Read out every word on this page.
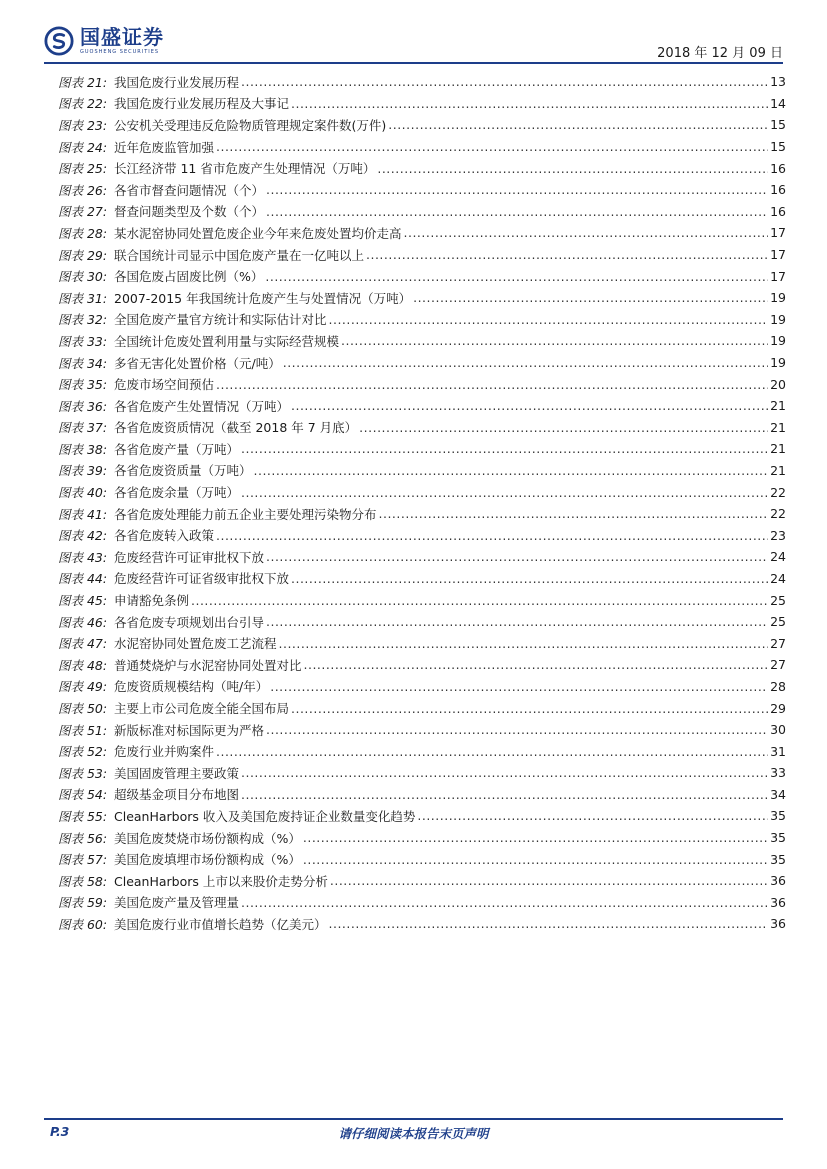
国盛证券
GUOSHENG SECURITIES	2018 年 12 月 09 日
图表 21: 我国危废行业发展历程 .....	13
图表 22: 我国危废行业发展历程及大事记 .....	14
图表 23: 公安机关受理违反危险物质管理规定案件数(万件) .....	15
图表 24: 近年危废监管加强 .....	15
图表 25: 长江经济带 11 省市危废产生处理情况（万吨） .....	16
图表 26: 各省市督查问题情况（个） .....	16
图表 27: 督查问题类型及个数（个） .....	16
图表 28: 某水泥窑协同处置危废企业今年来危废处置均价走高 .....	17
图表 29: 联合国统计司显示中国危废产量在一亿吨以上 .....	17
图表 30: 各国危废占固废比例（%） .....	17
图表 31: 2007-2015 年我国统计危废产生与处置情况（万吨） .....	19
图表 32: 全国危废产量官方统计和实际估计对比 .....	19
图表 33: 全国统计危废处置利用量与实际经营规模 .....	19
图表 34: 多省无害化处置价格（元/吨） .....	19
图表 35: 危废市场空间预估 .....	20
图表 36: 各省危废产生处置情况（万吨） .....	21
图表 37: 各省危废资质情况（截至 2018 年 7 月底） .....	21
图表 38: 各省危废产量（万吨） .....	21
图表 39: 各省危废资质量（万吨） .....	21
图表 40: 各省危废余量（万吨） .....	22
图表 41: 各省危废处理能力前五企业主要处理污染物分布 .....	22
图表 42: 各省危废转入政策 .....	23
图表 43: 危废经营许可证审批权下放 .....	24
图表 44: 危废经营许可证省级审批权下放 .....	24
图表 45: 申请豁免条例 .....	25
图表 46: 各省危废专项规划出台引导 .....	25
图表 47: 水泥窑协同处置危废工艺流程 .....	27
图表 48: 普通焚烧炉与水泥窑协同处置对比 .....	27
图表 49: 危废资质规模结构（吨/年） .....	28
图表 50: 主要上市公司危废全能全国布局 .....	29
图表 51: 新版标准对标国际更为严格 .....	30
图表 52: 危废行业并购案件 .....	31
图表 53: 美国固废管理主要政策 .....	33
图表 54: 超级基金项目分布地图 .....	34
图表 55: CleanHarbors 收入及美国危废持证企业数量变化趋势 .....	35
图表 56: 美国危废焚烧市场份额构成（%） .....	35
图表 57: 美国危废填埋市场份额构成（%） .....	35
图表 58: CleanHarbors 上市以来股价走势分析 .....	36
图表 59: 美国危废产量及管理量 .....	36
图表 60: 美国危废行业市值增长趋势（亿美元） .....	36
P.3	请仔细阅读本报告末页声明
